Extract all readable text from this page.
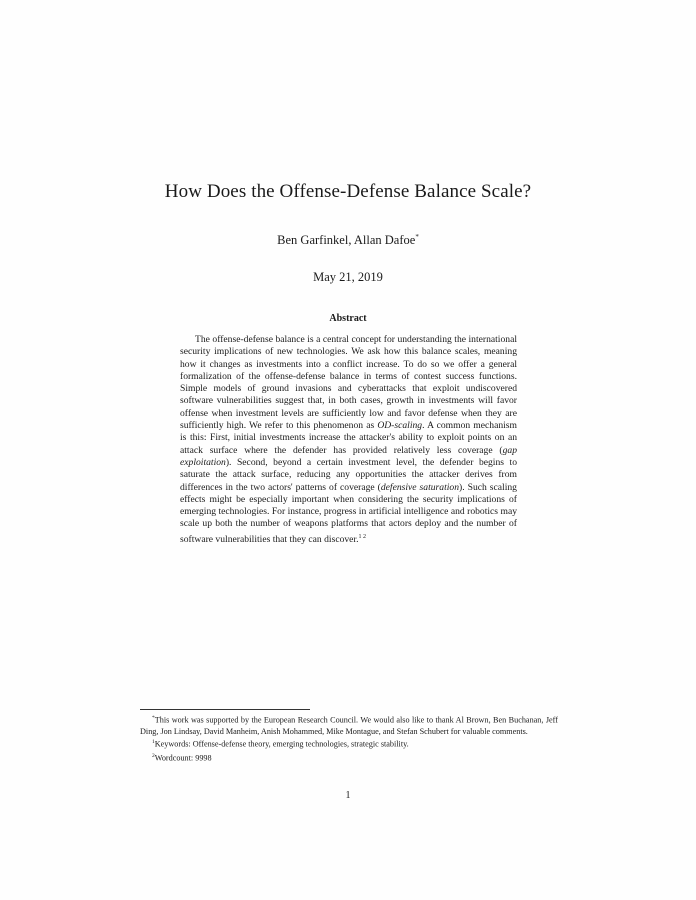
How Does the Offense-Defense Balance Scale?
Ben Garfinkel, Allan Dafoe*
May 21, 2019
Abstract
The offense-defense balance is a central concept for understanding the international security implications of new technologies. We ask how this balance scales, meaning how it changes as investments into a conflict increase. To do so we offer a general formalization of the offense-defense balance in terms of contest success functions. Simple models of ground invasions and cyberattacks that exploit undiscovered software vulnerabilities suggest that, in both cases, growth in investments will favor offense when investment levels are sufficiently low and favor defense when they are sufficiently high. We refer to this phenomenon as OD-scaling. A common mechanism is this: First, initial investments increase the attacker's ability to exploit points on an attack surface where the defender has provided relatively less coverage (gap exploitation). Second, beyond a certain investment level, the defender begins to saturate the attack surface, reducing any opportunities the attacker derives from differences in the two actors' patterns of coverage (defensive saturation). Such scaling effects might be especially important when considering the security implications of emerging technologies. For instance, progress in artificial intelligence and robotics may scale up both the number of weapons platforms that actors deploy and the number of software vulnerabilities that they can discover.$^{1 2}$

*This work was supported by the European Research Council. We would also like to thank Al Brown, Ben Buchanan, Jeff Ding, Jon Lindsay, David Manheim, Anish Mohammed, Mike Montague, and Stefan Schubert for valuable comments.

$^1$Keywords: Offense-defense theory, emerging technologies, strategic stability.

$^2$Wordcount: 9998

1
